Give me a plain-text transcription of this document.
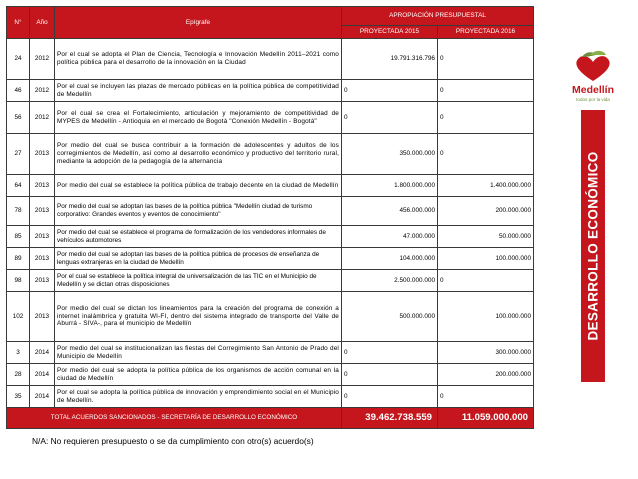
N°	Año	Epígrafe	APROPIACIÓN PRESUPUESTAL	
			PROYECTADA 2015	PROYECTADA 2016
24	2012	Por el cual se adopta el Plan de Ciencia, Tecnología e Innovación Medellín 2011–2021 como política pública para el desarrollo de la innovación en la Ciudad	19.791.316.796	0
46	2012	Por el cual se incluyen las plazas de mercado públicas en la política pública de competitividad de Medellín	0	0
56	2012	Por el cual se crea el Fortalecimiento, articulación y mejoramiento de competitividad de MYPES de Medellín - Antioquia en el mercado de Bogotá "Conexión Medellín - Bogotá"	0	0
27	2013	Por medio del cual se busca contribuir a la formación de adolescentes y adultos de los corregimientos de Medellín, así como al desarrollo económico y productivo del territorio rural, mediante la adopción de la pedagogía de la alternancia	350.000.000	0
64	2013	Por medio del cual se establece la política pública de trabajo decente en la ciudad de Medellín	1.800.000.000	1.400.000.000
78	2013	Por medio del cual se adoptan las bases de la política pública "Medellín ciudad de turismo corporativo: Grandes eventos y eventos de conocimiento"	456.000.000	200.000.000
85	2013	Por medio del cual se establece el programa de formalización de los vendedores informales de vehículos automotores	47.000.000	50.000.000
89	2013	Por medio del cual se adoptan las bases de la política pública de procesos de enseñanza de lenguas extranjeras en la ciudad de Medellín	104.000.000	100.000.000
98	2013	Por el cual se establece la política integral de universalización de las TIC en el Municipio de Medellín y se dictan otras disposiciones	2.500.000.000	0
102	2013	Por medio del cual se dictan los lineamientos para la creación del programa de conexión a internet inalámbrica y gratuita WI-FI, dentro del sistema integrado de transporte del Valle de Aburrá - SIVA-, para el municipio de Medellín	500.000.000	100.000.000
3	2014	Por medio del cual se institucionalizan las fiestas del Corregimiento San Antonio de Prado del Municipio de Medellín	0	300.000.000
28	2014	Por medio del cual se adopta la política pública de los organismos de acción comunal en la ciudad de Medellín	0	200.000.000
35	2014	Por el cual se adopta la política pública de innovación y emprendimiento social en el Municipio de Medellín.	0	0
TOTAL ACUERDOS SANCIONADOS - SECRETARÍA DE DESARROLLO ECONÓMICO			39.462.738.559	11.059.000.000
Medellín
todos por la vida
DESARROLLO ECONÓMICO
N/A: No requieren presupuesto o se da cumplimiento con otro(s) acuerdo(s)
